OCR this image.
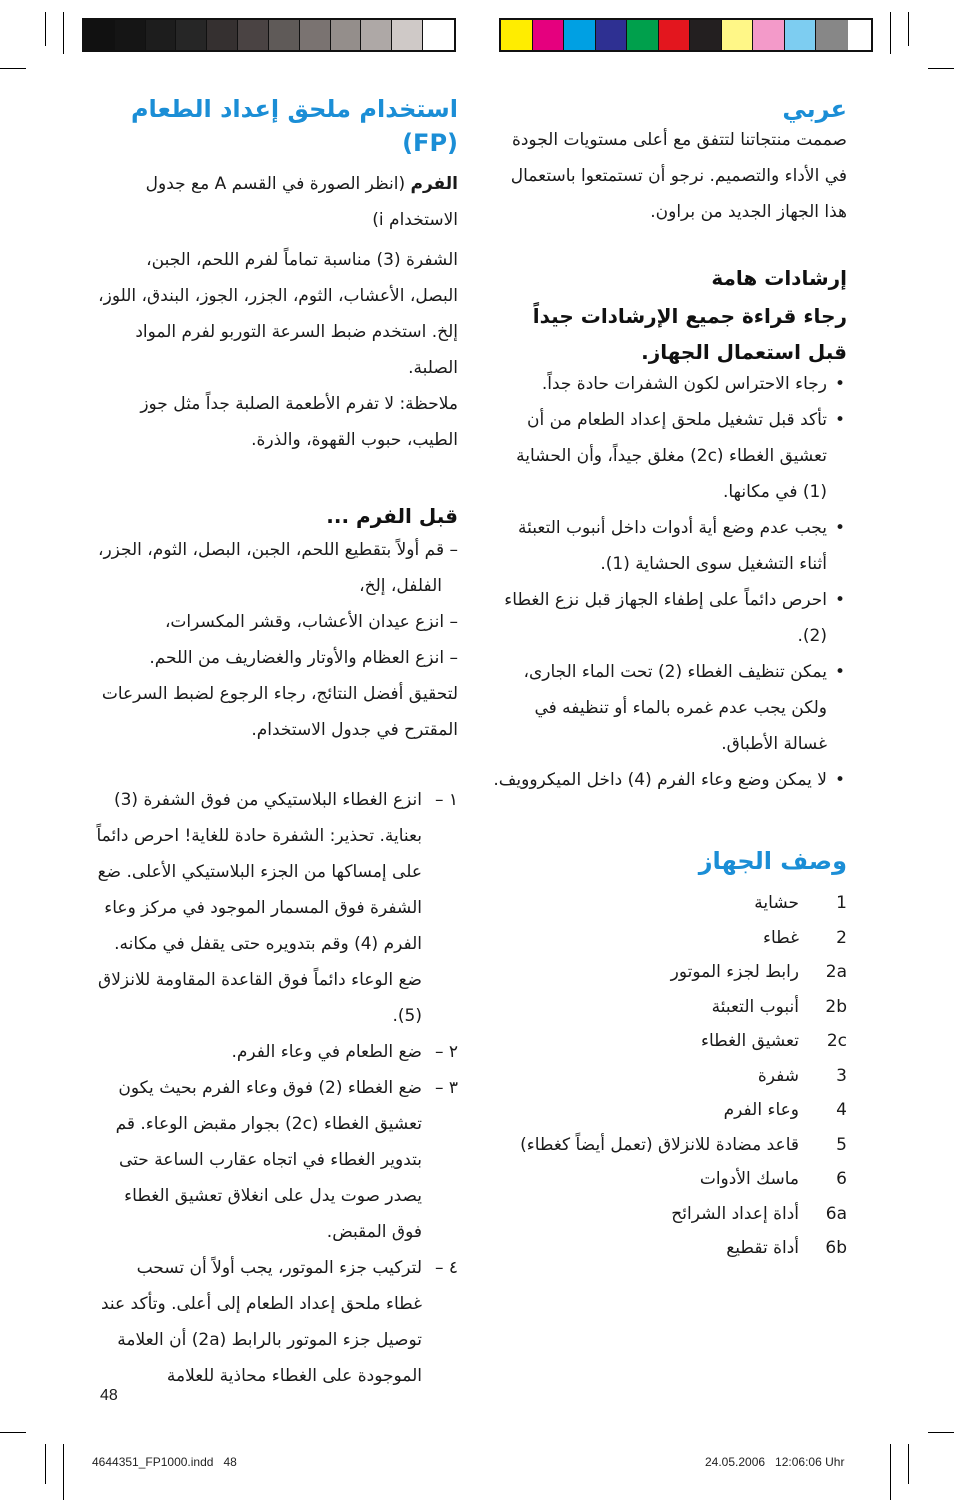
عربي

صممت منتجاتنا لتتفق مع أعلى مستويات الجودة في الأداء والتصميم. نرجو أن تستمتعوا باستعمال هذا الجهاز الجديد من براون.

إرشادات هامة
رجاء قراءة جميع الإرشادات جيداً
قبل استعمال الجهاز.
• رجاء الاحتراس لكون الشفرات حادة جداً.
• تأكد قبل تشغيل ملحق إعداد الطعام من أن تعشيق الغطاء (2c) مغلق جيداً، وأن الحشاية (1) في مكانها.
• يجب عدم وضع أية أدوات داخل أنبوب التعبئة أثناء التشغيل سوى الحشاية (1).
• احرص دائماً على إطفاء الجهاز قبل نزع الغطاء (2).
• يمكن تنظيف الغطاء (2) تحت الماء الجارى، ولكن يجب عدم غمره بالماء أو تنظيفه في غسالة الأطباق.
• لا يمكن وضع وعاء الفرم (4) داخل الميكروويف.
وصف الجهاز
1حشاية
2غطاء
2aرابط لجزء الموتور
2bأنبوب التعبئة
2cتعشيق الغطاء
3شفرة
4وعاء الفرم
5قاعد مضادة للانزلاق (تعمل أيضاً كغطاء)
6ماسك الأدوات
6aأداة إعداد الشرائح
6bأداة تقطيع
استخدام ملحق إعداد الطعام (FP)

الفرم (انظر الصورة في القسم A مع جدول الاستخدام i)

الشفرة (3) مناسبة تماماً لفرم اللحم، الجبن، البصل، الأعشاب، الثوم، الجزر، الجوز، البندق، اللوز، إلخ. استخدم ضبط السرعة التوربو لفرم المواد الصلبة.

ملاحظة: لا تفرم الأطعمة الصلبة جداً مثل جوز الطيب، حبوب القهوة، والذرة.

قبل الفرم ...

– قم أولاً بتقطيع اللحم، الجبن، البصل، الثوم، الجزر، الفلفل، إلخ،

– انزع عيدان الأعشاب، وقشر المكسرات،

– انزع العظام والأوتار والغضاريف من اللحم.

لتحقيق أفضل النتائج، رجاء الرجوع لضبط السرعات المقترح في جدول الاستخدام.

١ –
انزع الغطاء البلاستيكي من فوق الشفرة (3) بعناية. تحذير: الشفرة حادة للغاية! احرص دائماً على إمساكها من الجزء البلاستيكي الأعلى. ضع الشفرة فوق المسمار الموجود في مركز وعاء الفرم (4) وقم بتدويره حتى يقفل في مكانه. ضع الوعاء دائماً فوق القاعدة المقاومة للانزلاق (5).
٢ –
ضع الطعام في وعاء الفرم.
٣ –
ضع الغطاء (2) فوق وعاء الفرم بحيث يكون تعشيق الغطاء (2c) بجوار مقبض الوعاء. قم بتدوير الغطاء في اتجاه عقارب الساعة حتى يصدر صوت يدل على انغلاق تعشيق الغطاء فوق المقبض.
٤ –
لتركيب جزء الموتور، يجب أولاً أن تسحب غطاء ملحق إعداد الطعام إلى أعلى. وتأكد عند توصيل جزء الموتور بالرابط (2a) أن العلامة الموجودة على الغطاء محاذية للعلامة
48
4644351_FP1000.indd   48	24.05.2006   12:06:06 Uhr
